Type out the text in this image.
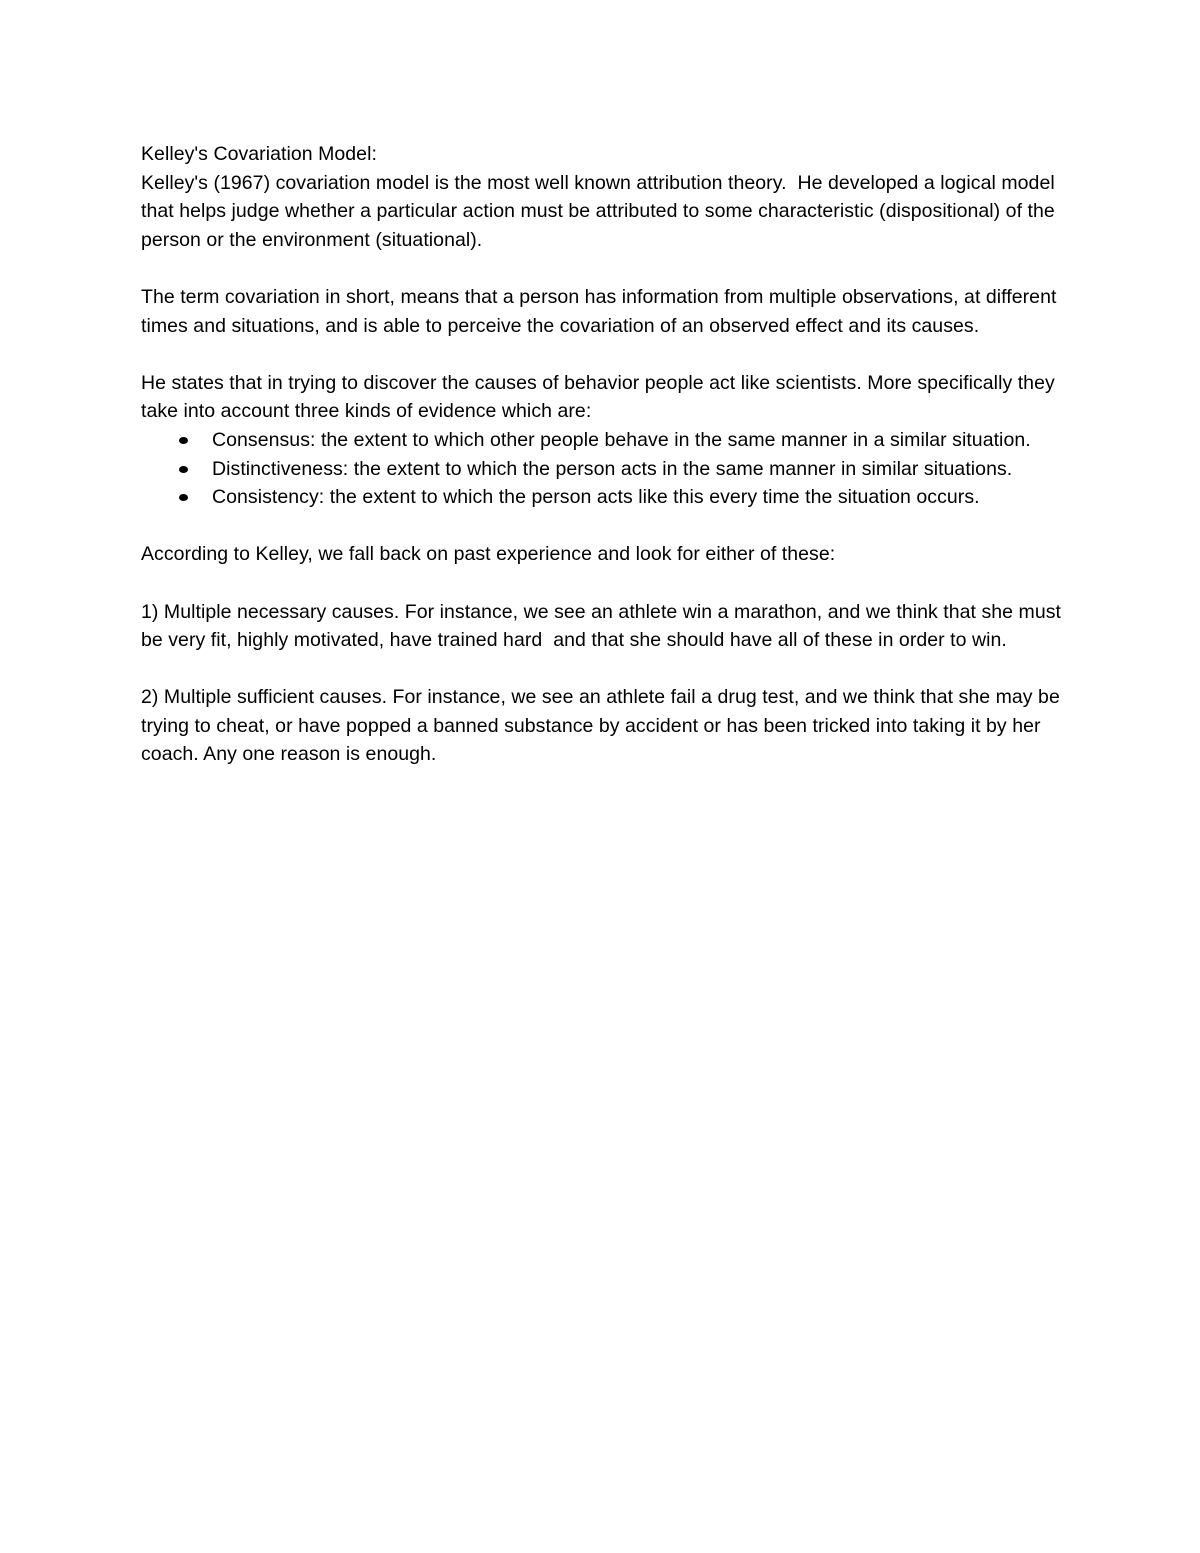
Kelley's Covariation Model:

Kelley's (1967) covariation model is the most well known attribution theory.  He developed a logical model that helps judge whether a particular action must be attributed to some characteristic (dispositional) of the person or the environment (situational).

The term covariation in short, means that a person has information from multiple observations, at different times and situations, and is able to perceive the covariation of an observed effect and its causes.

He states that in trying to discover the causes of behavior people act like scientists. More specifically they take into account three kinds of evidence which are:

Consensus: the extent to which other people behave in the same manner in a similar situation.
Distinctiveness: the extent to which the person acts in the same manner in similar situations.
Consistency: the extent to which the person acts like this every time the situation occurs.

According to Kelley, we fall back on past experience and look for either of these:

1) Multiple necessary causes. For instance, we see an athlete win a marathon, and we think that she must be very fit, highly motivated, have trained hard  and that she should have all of these in order to win.

2) Multiple sufficient causes. For instance, we see an athlete fail a drug test, and we think that she may be trying to cheat, or have popped a banned substance by accident or has been tricked into taking it by her coach. Any one reason is enough.
